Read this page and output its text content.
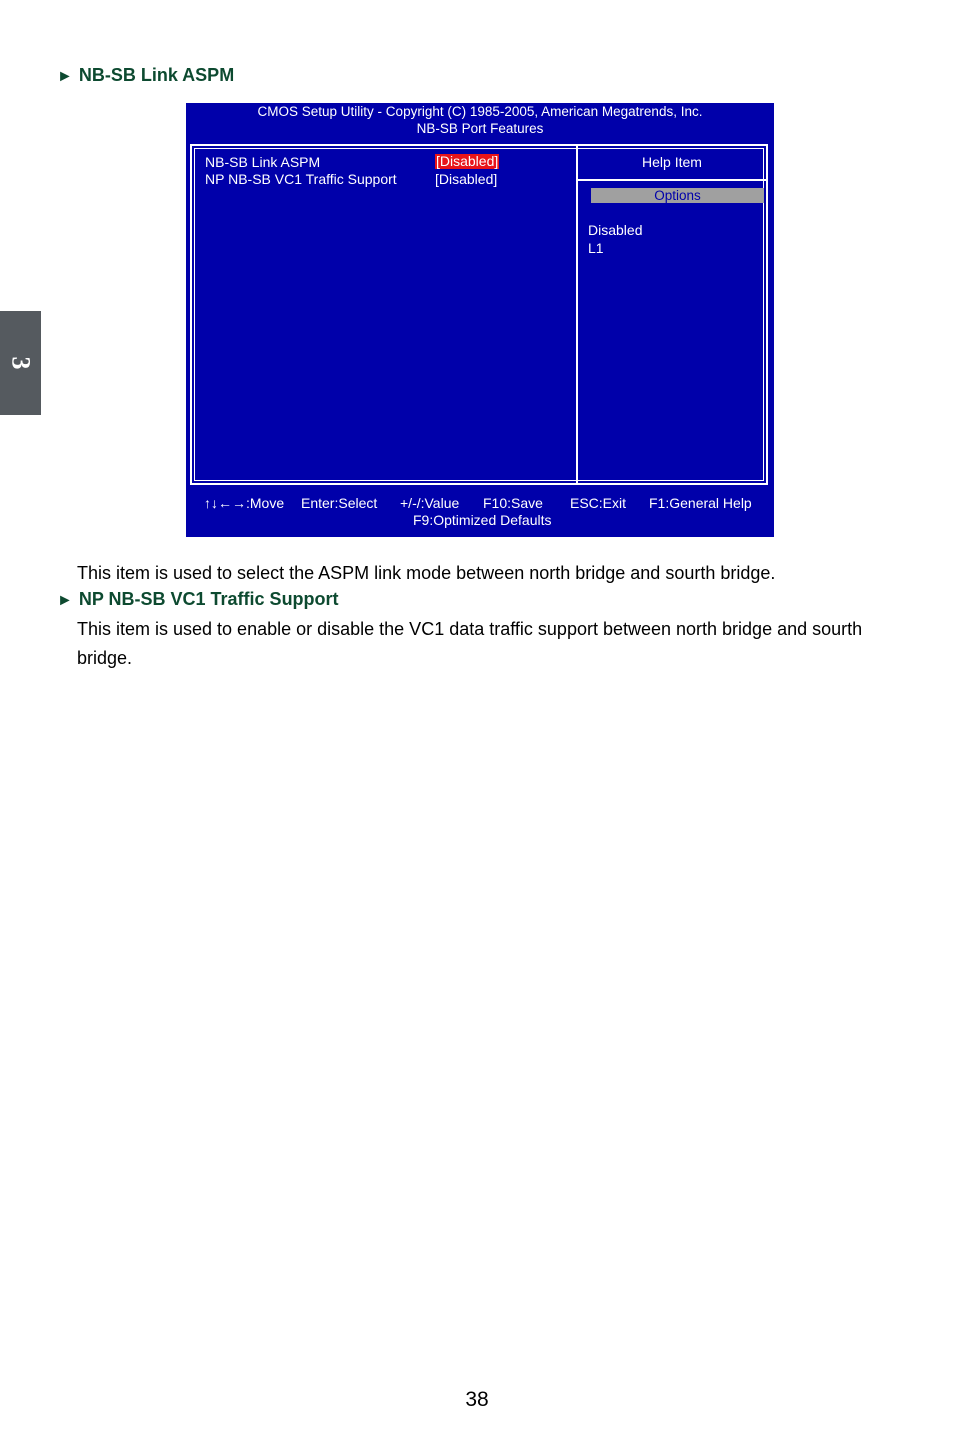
3
► NB-SB Link ASPM
CMOS Setup Utility - Copyright (C) 1985-2005, American Megatrends, Inc.
NB-SB Port Features
NB-SB Link ASPM	[Disabled]
NP NB-SB VC1 Traffic Support	[Disabled]
Help Item
Options
Disabled
L1
↑↓←→:Move Enter:Select +/-/:Value F10:Save ESC:Exit F1:General Help
F9:Optimized Defaults
This item is used to select the ASPM link mode between north bridge and sourth bridge.
► NP NB-SB VC1 Traffic Support
This item is used to enable or disable the VC1 data traffic support between north bridge and sourth bridge.
38
